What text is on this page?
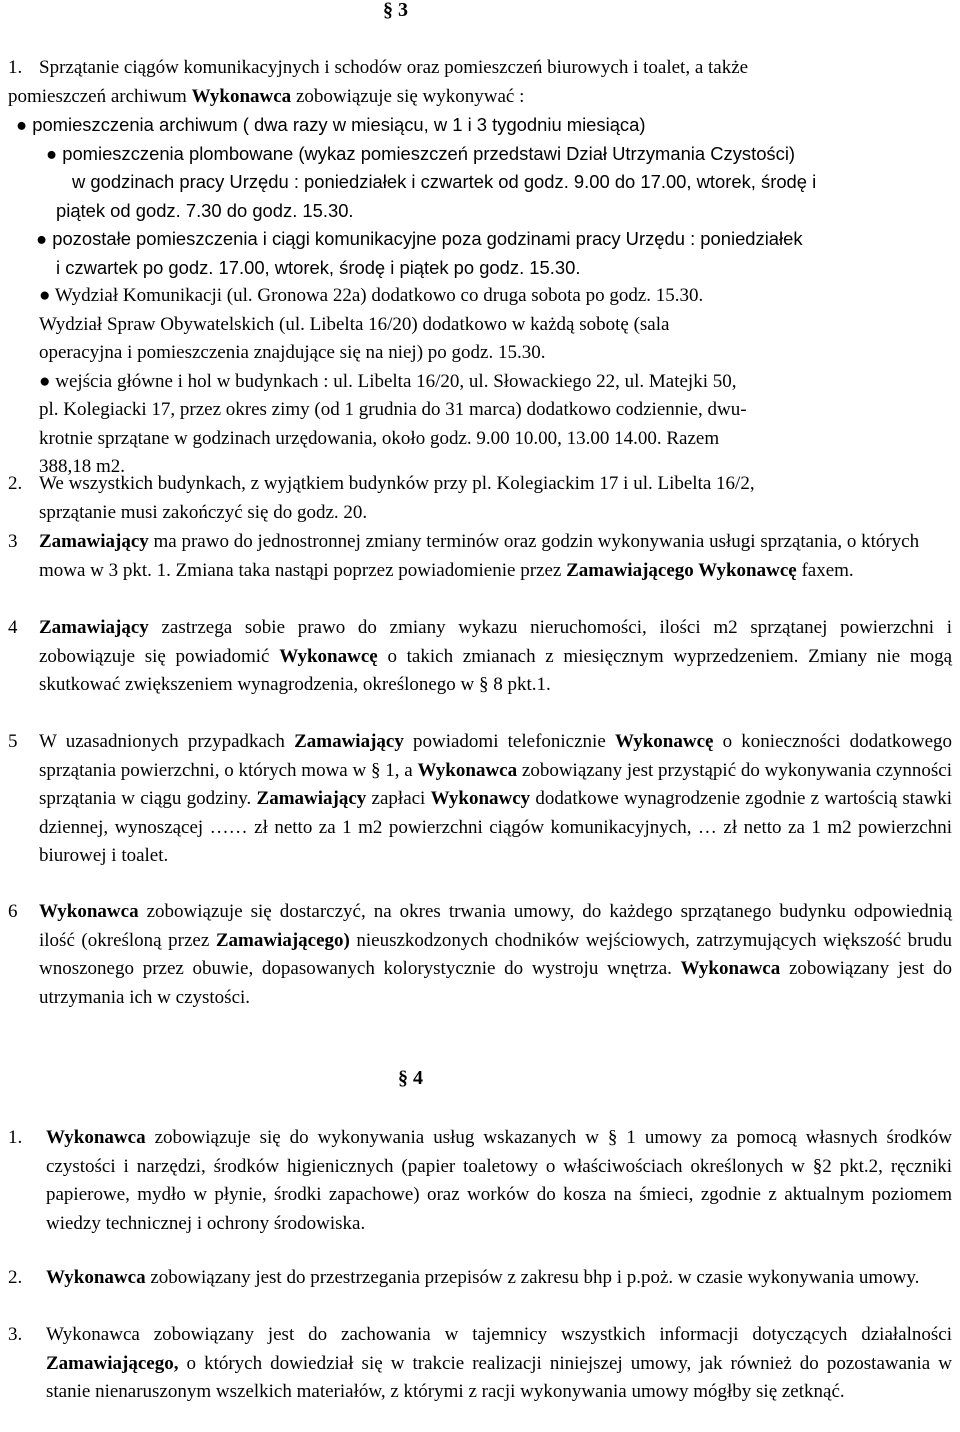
§ 3
1. Sprzątanie ciągów komunikacyjnych i schodów oraz pomieszczeń biurowych i toalet, a także
pomieszczeń archiwum Wykonawca zobowiązuje się wykonywać :
● pomieszczenia archiwum ( dwa razy w miesiącu, w 1 i 3 tygodniu miesiąca)
● pomieszczenia plombowane (wykaz pomieszczeń przedstawi Dział Utrzymania Czystości)
w godzinach pracy Urzędu : poniedziałek i czwartek od godz. 9.00 do 17.00, wtorek, środę i
piątek od godz. 7.30 do godz. 15.30.
● pozostałe pomieszczenia i ciągi komunikacyjne poza godzinami pracy Urzędu : poniedziałek
i czwartek po godz. 17.00, wtorek, środę i piątek po godz. 15.30.
● Wydział Komunikacji (ul. Gronowa 22a) dodatkowo co druga sobota po godz. 15.30.
Wydział Spraw Obywatelskich (ul. Libelta 16/20) dodatkowo w każdą sobotę (sala
operacyjna i pomieszczenia znajdujące się na niej) po godz. 15.30.
● wejścia główne i hol w budynkach : ul. Libelta 16/20, ul. Słowackiego 22, ul. Matejki 50,
pl. Kolegiacki 17, przez okres zimy (od 1 grudnia do 31 marca) dodatkowo codziennie, dwu-
krotnie sprzątane w godzinach urzędowania, około godz. 9.00 10.00, 13.00 14.00. Razem
388,18 m2.
2. We wszystkich budynkach, z wyjątkiem budynków przy pl. Kolegiackim 17 i ul. Libelta 16/2,
sprzątanie musi zakończyć się do godz. 20.
3 Zamawiający ma prawo do jednostronnej zmiany terminów oraz godzin wykonywania usługi sprzątania, o których mowa w 3 pkt. 1. Zmiana taka nastąpi poprzez powiadomienie przez Zamawiającego Wykonawcę faxem.
4 Zamawiający zastrzega sobie prawo do zmiany wykazu nieruchomości, ilości m2 sprzątanej powierzchni i zobowiązuje się powiadomić Wykonawcę o takich zmianach z miesięcznym wyprzedzeniem. Zmiany nie mogą skutkować zwiększeniem wynagrodzenia, określonego w § 8 pkt.1.
5 W uzasadnionych przypadkach Zamawiający powiadomi telefonicznie Wykonawcę o konieczności dodatkowego sprzątania powierzchni, o których mowa w § 1, a Wykonawca zobowiązany jest przystąpić do wykonywania czynności sprzątania w ciągu godziny. Zamawiający zapłaci Wykonawcy dodatkowe wynagrodzenie zgodnie z wartością stawki dziennej, wynoszącej …… zł netto za 1 m2 powierzchni ciągów komunikacyjnych, … zł netto za 1 m2 powierzchni biurowej i toalet.
6 Wykonawca zobowiązuje się dostarczyć, na okres trwania umowy, do każdego sprzątanego budynku odpowiednią ilość (określoną przez Zamawiającego) nieuszkodzonych chodników wejściowych, zatrzymujących większość brudu wnoszonego przez obuwie, dopasowanych kolorystycznie do wystroju wnętrza. Wykonawca zobowiązany jest do utrzymania ich w czystości.
§ 4
1. Wykonawca zobowiązuje się do wykonywania usług wskazanych w § 1 umowy za pomocą własnych środków czystości i narzędzi, środków higienicznych (papier toaletowy o właściwościach określonych w §2 pkt.2, ręczniki papierowe, mydło w płynie, środki zapachowe) oraz worków do kosza na śmieci, zgodnie z aktualnym poziomem wiedzy technicznej i ochrony środowiska.
2. Wykonawca zobowiązany jest do przestrzegania przepisów z zakresu bhp i p.poż. w czasie wykonywania umowy.
3. Wykonawca zobowiązany jest do zachowania w tajemnicy wszystkich informacji dotyczących działalności Zamawiającego, o których dowiedział się w trakcie realizacji niniejszej umowy, jak również do pozostawania w stanie nienaruszonym wszelkich materiałów, z którymi z racji wykonywania umowy mógłby się zetknąć.
